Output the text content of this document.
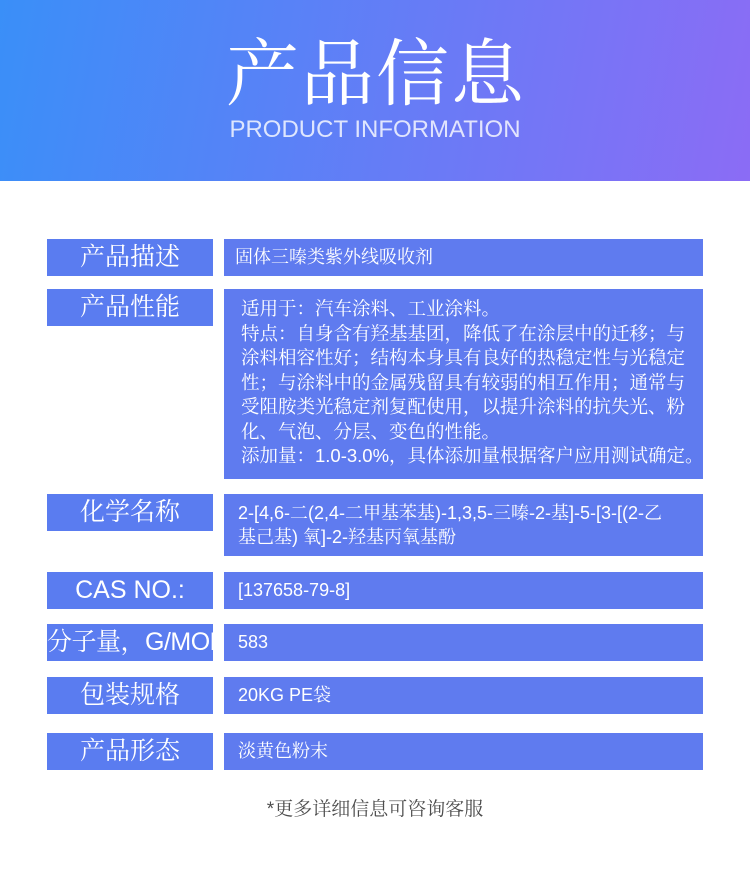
产品信息
PRODUCT INFORMATION
产品描述	固体三嗪类紫外线吸收剂
产品性能	适用于：汽车涂料、工业涂料。
特点：自身含有羟基基团，降低了在涂层中的迁移；与
涂料相容性好；结构本身具有良好的热稳定性与光稳定
性；与涂料中的金属残留具有较弱的相互作用；通常与
受阻胺类光稳定剂复配使用，以提升涂料的抗失光、粉
化、气泡、分层、变色的性能。
添加量：1.0-3.0%，具体添加量根据客户应用测试确定。
化学名称	2-[4,6-二(2,4-二甲基苯基)-1,3,5-三嗪-2-基]-5-[3-[(2-乙
基己基) 氧]-2-羟基丙氧基酚
CAS NO.:	[137658-79-8]
分子量，G/MOL 583
包装规格	20KG PE袋
产品形态	淡黄色粉末
*更多详细信息可咨询客服
